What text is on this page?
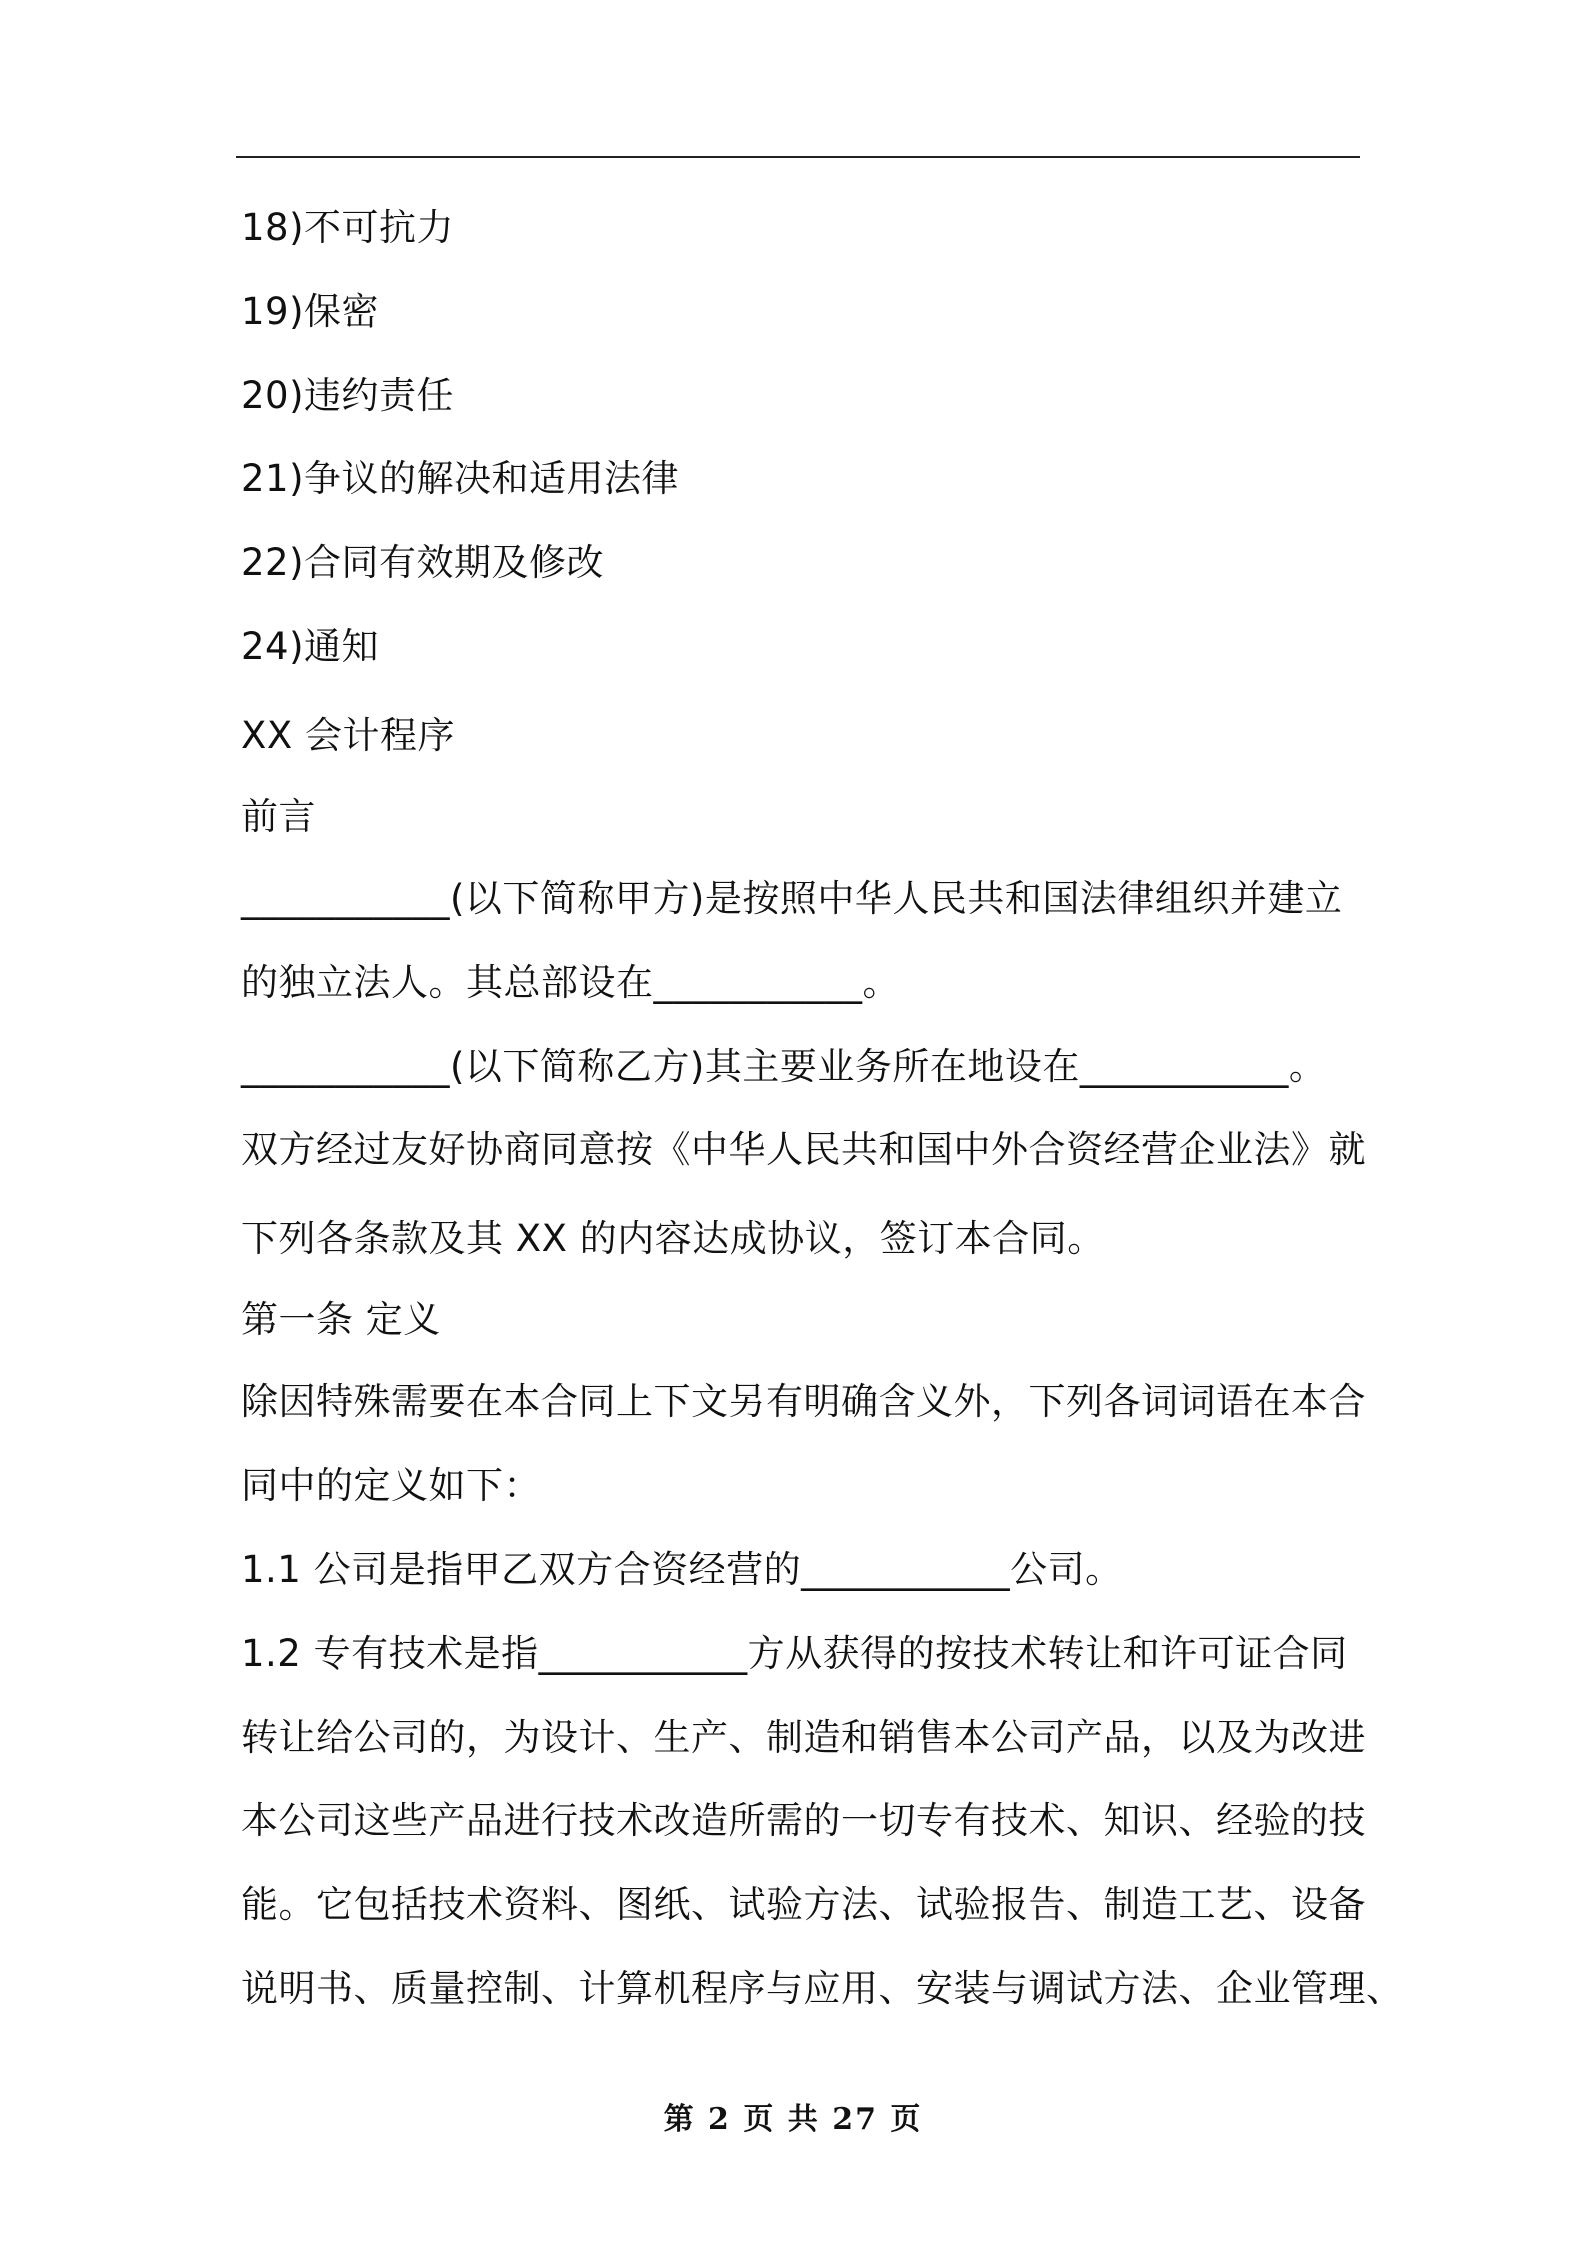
18)不可抗力
19)保密
20)违约责任
21)争议的解决和适用法律
22)合同有效期及修改
24)通知
XX 会计程序
前言
___________(以下简称甲方)是按照中华人民共和国法律组织并建立
的独立法人。其总部设在___________。
___________(以下简称乙方)其主要业务所在地设在___________。
双方经过友好协商同意按《中华人民共和国中外合资经营企业法》就
下列各条款及其 XX 的内容达成协议，签订本合同。
第一条 定义
除因特殊需要在本合同上下文另有明确含义外，下列各词词语在本合
同中的定义如下：
1.1 公司是指甲乙双方合资经营的___________公司。
1.2 专有技术是指___________方从获得的按技术转让和许可证合同
转让给公司的，为设计、生产、制造和销售本公司产品，以及为改进
本公司这些产品进行技术改造所需的一切专有技术、知识、经验的技
能。它包括技术资料、图纸、试验方法、试验报告、制造工艺、设备
说明书、质量控制、计算机程序与应用、安装与调试方法、企业管理、
第 2 页 共 27 页
